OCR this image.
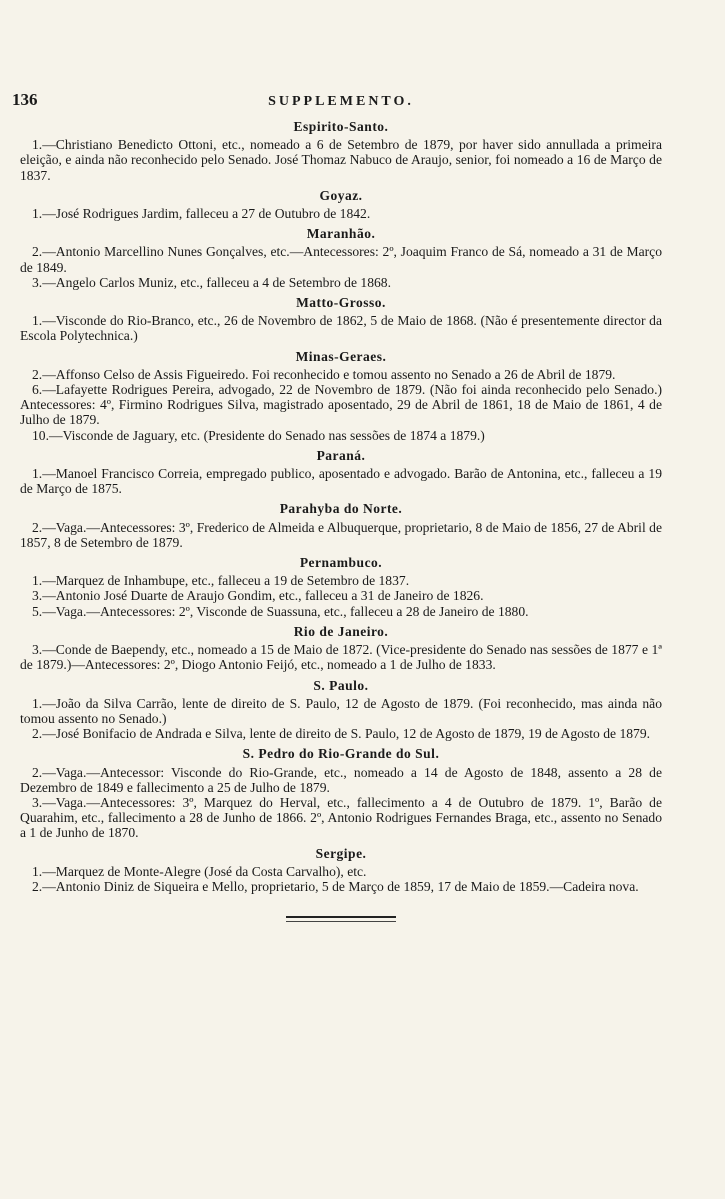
136	SUPPLEMENTO.
Espirito-Santo.

1.—Christiano Benedicto Ottoni, etc., nomeado a 6 de Setembro de 1879, por haver sido annullada a primeira eleição, e ainda não reconhecido pelo Senado. José Thomaz Nabuco de Araujo, senior, foi nomeado a 16 de Março de 1837.

Goyaz.

1.—José Rodrigues Jardim, falleceu a 27 de Outubro de 1842.

Maranhão.

2.—Antonio Marcellino Nunes Gonçalves, etc.—Antecessores: 2º, Joaquim Franco de Sá, nomeado a 31 de Março de 1849.

3.—Angelo Carlos Muniz, etc., falleceu a 4 de Setembro de 1868.

Matto-Grosso.

1.—Visconde do Rio-Branco, etc., 26 de Novembro de 1862, 5 de Maio de 1868. (Não é presentemente director da Escola Polytechnica.)

Minas-Geraes.

2.—Affonso Celso de Assis Figueiredo. Foi reconhecido e tomou assento no Senado a 26 de Abril de 1879.

6.—Lafayette Rodrigues Pereira, advogado, 22 de Novembro de 1879. (Não foi ainda reconhecido pelo Senado.) Antecessores: 4º, Firmino Rodrigues Silva, magistrado aposentado, 29 de Abril de 1861, 18 de Maio de 1861, 4 de Julho de 1879.

10.—Visconde de Jaguary, etc. (Presidente do Senado nas sessões de 1874 a 1879.)

Paraná.

1.—Manoel Francisco Correia, empregado publico, aposentado e advogado. Barão de Antonina, etc., falleceu a 19 de Março de 1875.

Parahyba do Norte.

2.—Vaga.—Antecessores: 3º, Frederico de Almeida e Albuquerque, proprietario, 8 de Maio de 1856, 27 de Abril de 1857, 8 de Setembro de 1879.

Pernambuco.

1.—Marquez de Inhambupe, etc., falleceu a 19 de Setembro de 1837.

3.—Antonio José Duarte de Araujo Gondim, etc., falleceu a 31 de Janeiro de 1826.

5.—Vaga.—Antecessores: 2º, Visconde de Suassuna, etc., falleceu a 28 de Janeiro de 1880.

Rio de Janeiro.

3.—Conde de Baependy, etc., nomeado a 15 de Maio de 1872. (Vice-presidente do Senado nas sessões de 1877 e 1ª de 1879.)—Antecessores: 2º, Diogo Antonio Feijó, etc., nomeado a 1 de Julho de 1833.

S. Paulo.

1.—João da Silva Carrão, lente de direito de S. Paulo, 12 de Agosto de 1879. (Foi reconhecido, mas ainda não tomou assento no Senado.)

2.—José Bonifacio de Andrada e Silva, lente de direito de S. Paulo, 12 de Agosto de 1879, 19 de Agosto de 1879.

S. Pedro do Rio-Grande do Sul.

2.—Vaga.—Antecessor: Visconde do Rio-Grande, etc., nomeado a 14 de Agosto de 1848, assento a 28 de Dezembro de 1849 e fallecimento a 25 de Julho de 1879.

3.—Vaga.—Antecessores: 3º, Marquez do Herval, etc., fallecimento a 4 de Outubro de 1879. 1º, Barão de Quarahim, etc., fallecimento a 28 de Junho de 1866. 2º, Antonio Rodrigues Fernandes Braga, etc., assento no Senado a 1 de Junho de 1870.

Sergipe.

1.—Marquez de Monte-Alegre (José da Costa Carvalho), etc.

2.—Antonio Diniz de Siqueira e Mello, proprietario, 5 de Março de 1859, 17 de Maio de 1859.—Cadeira nova.
